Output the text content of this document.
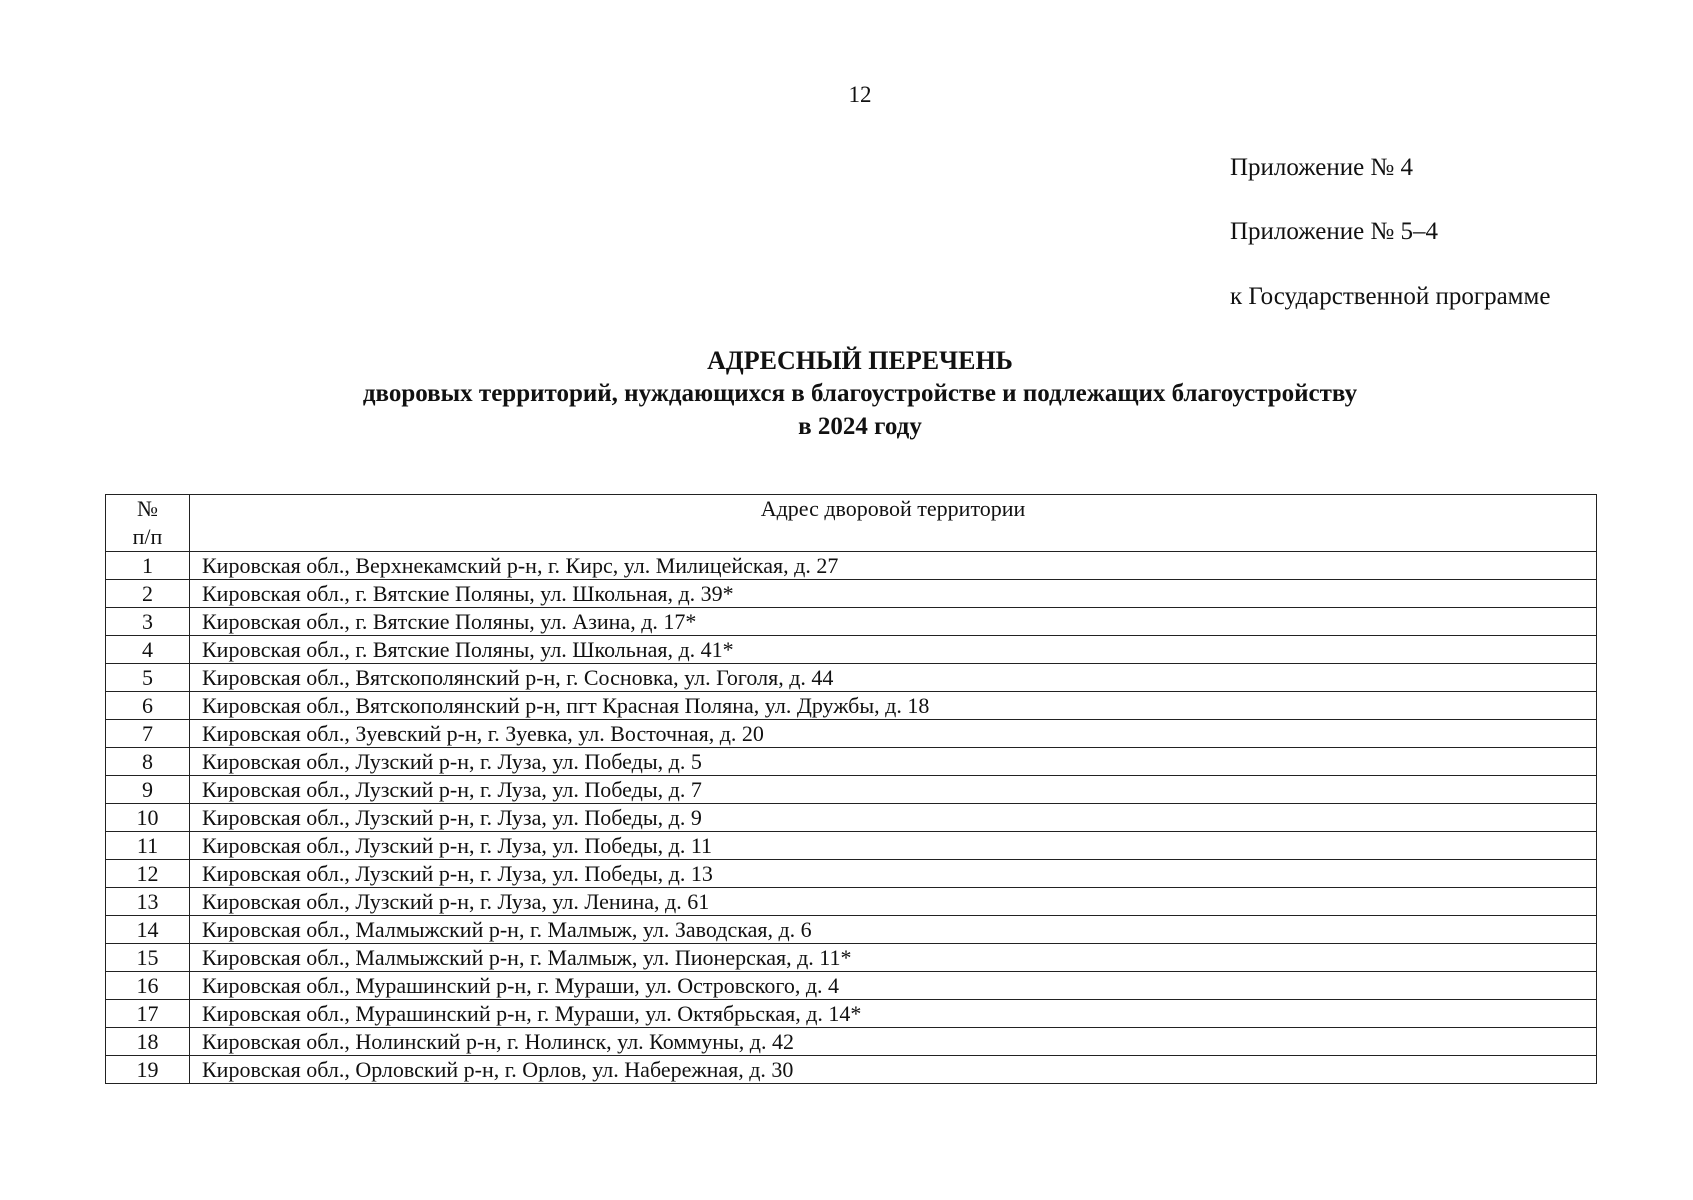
12
Приложение № 4
Приложение № 5–4
к Государственной программе
АДРЕСНЫЙ ПЕРЕЧЕНЬ
дворовых территорий, нуждающихся в благоустройстве и подлежащих благоустройству
в 2024 году
№
п/п	Адрес дворовой территории
1	Кировская обл., Верхнекамский р-н, г. Кирс, ул. Милицейская, д. 27
2	Кировская обл., г. Вятские Поляны, ул. Школьная, д. 39*
3	Кировская обл., г. Вятские Поляны, ул. Азина, д. 17*
4	Кировская обл., г. Вятские Поляны, ул. Школьная, д. 41*
5	Кировская обл., Вятскополянский р-н, г. Сосновка, ул. Гоголя, д. 44
6	Кировская обл., Вятскополянский р-н, пгт Красная Поляна, ул. Дружбы, д. 18
7	Кировская обл., Зуевский р-н, г. Зуевка, ул. Восточная, д. 20
8	Кировская обл., Лузский р-н, г. Луза, ул. Победы, д. 5
9	Кировская обл., Лузский р-н, г. Луза, ул. Победы, д. 7
10	Кировская обл., Лузский р-н, г. Луза, ул. Победы, д. 9
11	Кировская обл., Лузский р-н, г. Луза, ул. Победы, д. 11
12	Кировская обл., Лузский р-н, г. Луза, ул. Победы, д. 13
13	Кировская обл., Лузский р-н, г. Луза, ул. Ленина, д. 61
14	Кировская обл., Малмыжский р-н, г. Малмыж, ул. Заводская, д. 6
15	Кировская обл., Малмыжский р-н, г. Малмыж, ул. Пионерская, д. 11*
16	Кировская обл., Мурашинский р-н, г. Мураши, ул. Островского, д. 4
17	Кировская обл., Мурашинский р-н, г. Мураши, ул. Октябрьская, д. 14*
18	Кировская обл., Нолинский р-н, г. Нолинск, ул. Коммуны, д. 42
19	Кировская обл., Орловский р-н, г. Орлов, ул. Набережная, д. 30
